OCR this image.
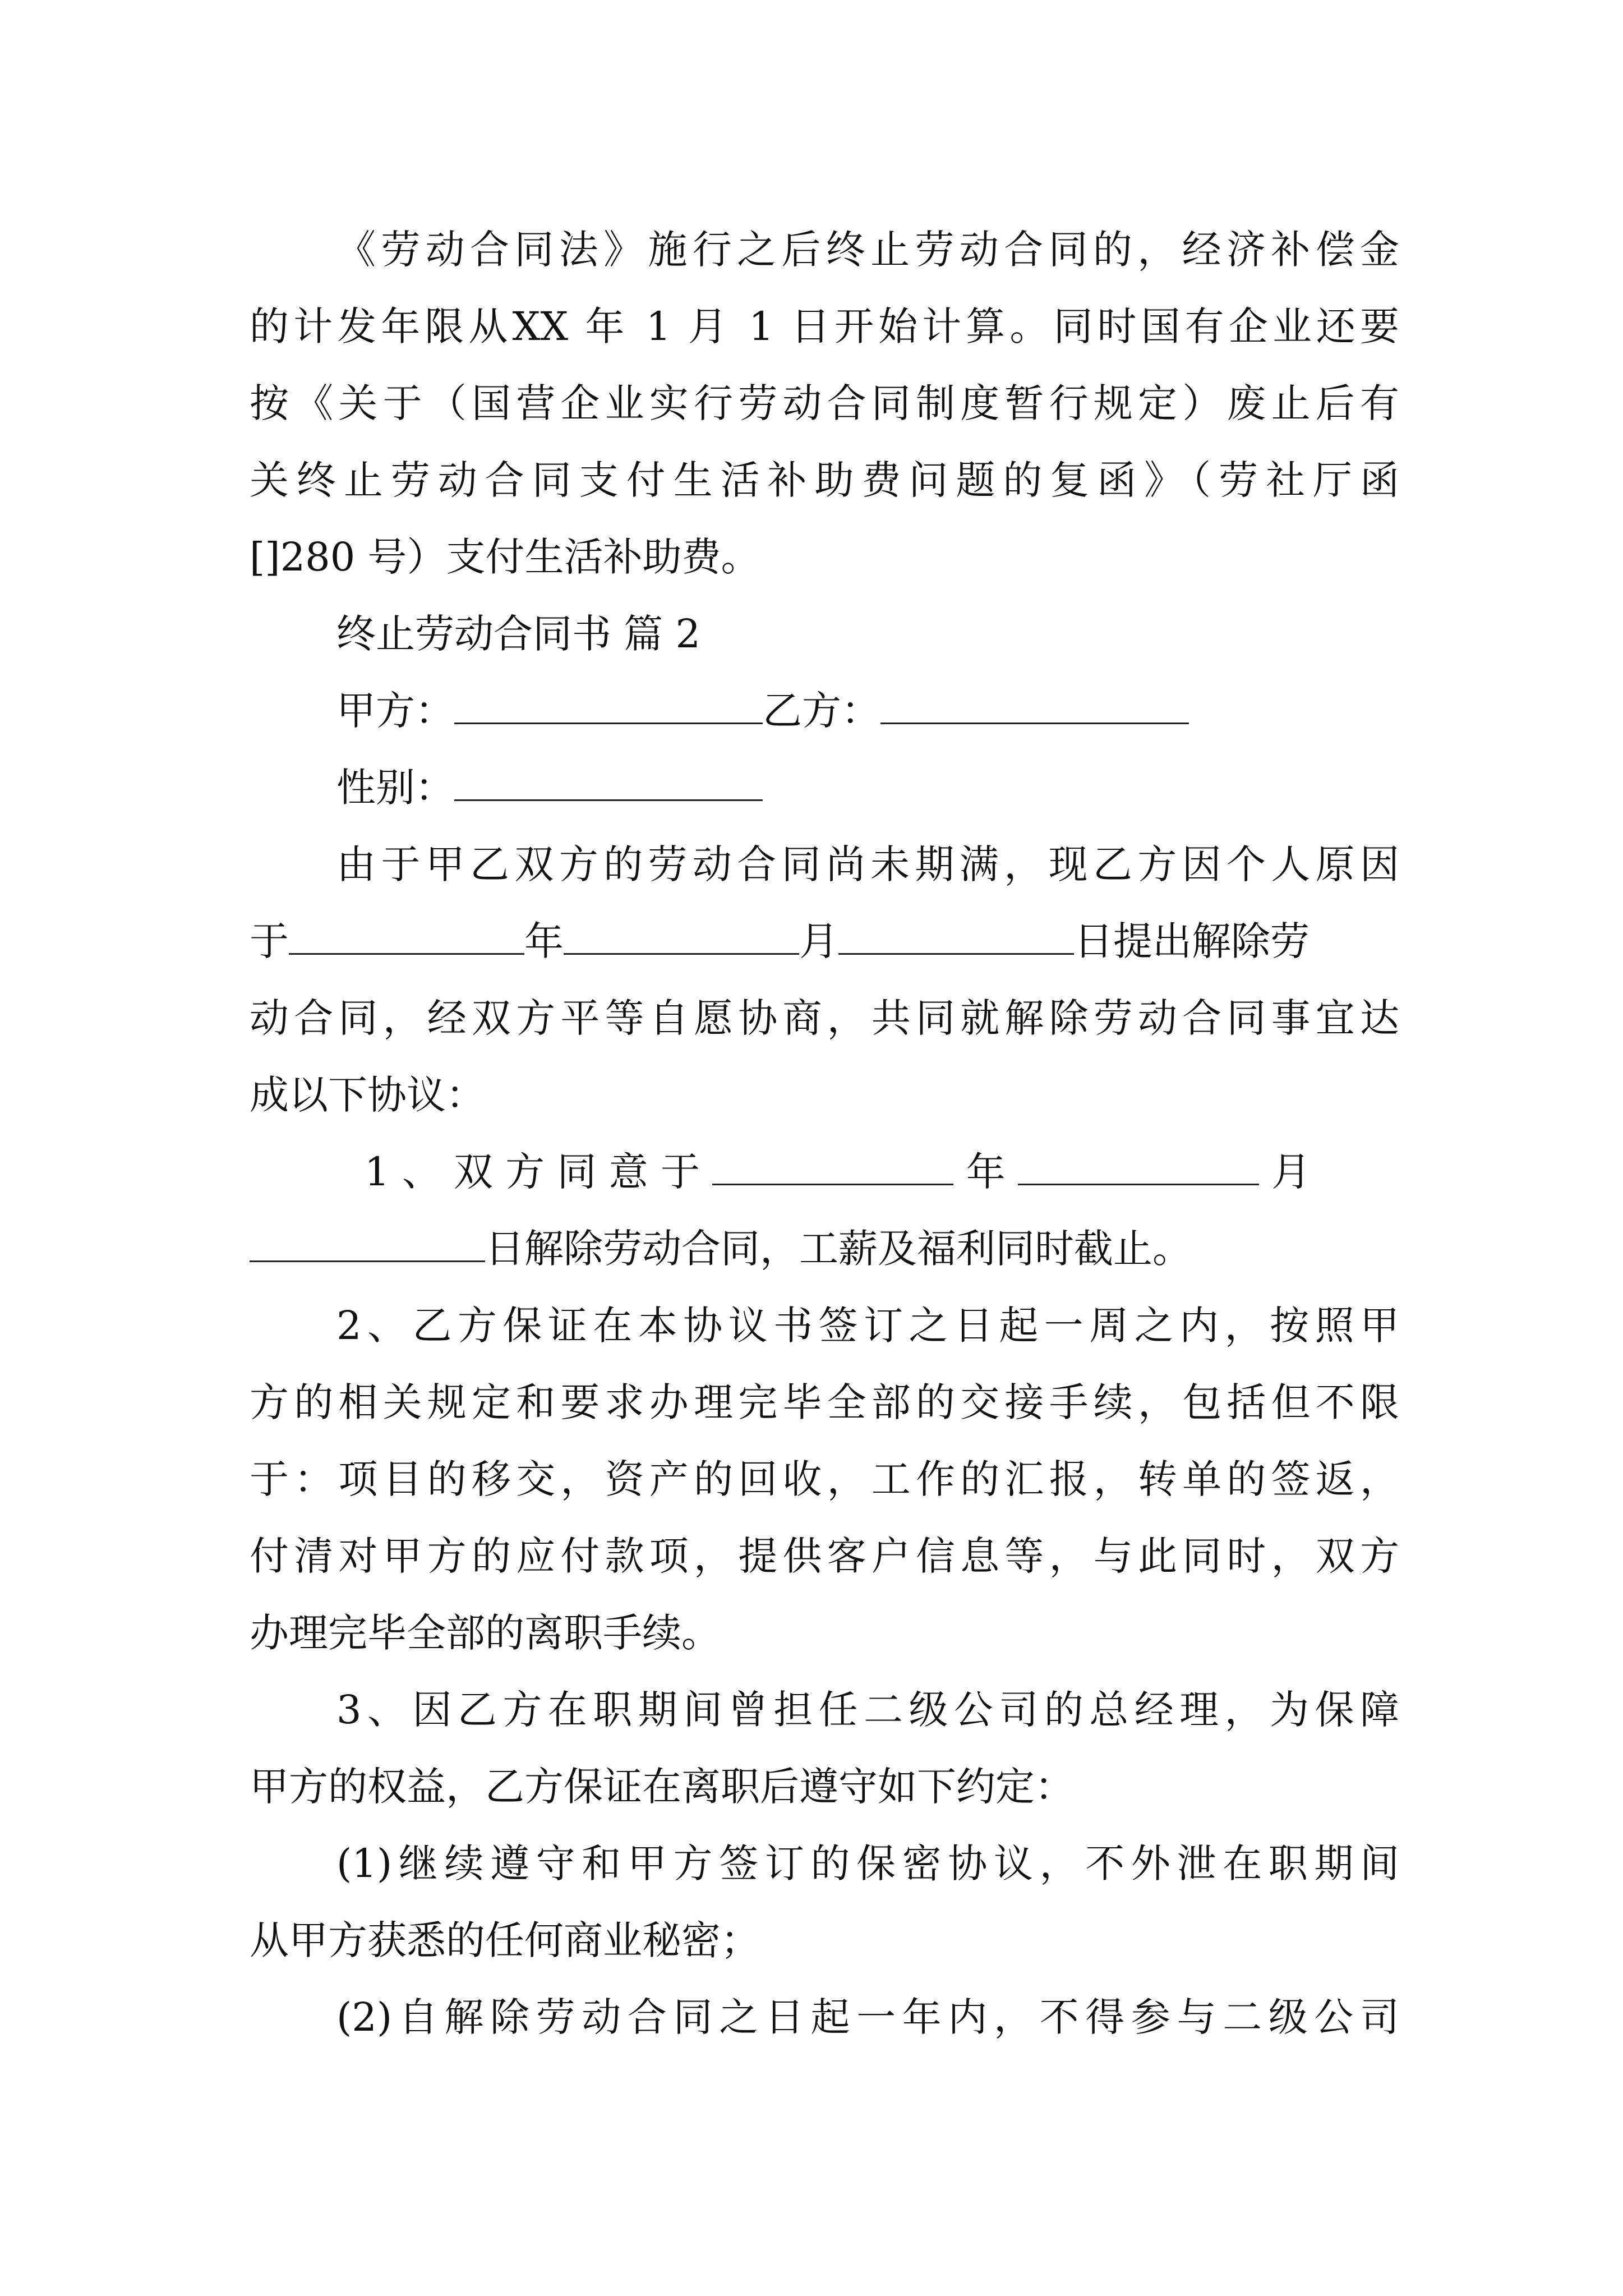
《劳动合同法》施行之后终止劳动合同的，经济补偿金
的计发年限从XX 年 1 月 1 日开始计算。同时国有企业还要
按《关于（国营企业实行劳动合同制度暂行规定）废止后有
关终止劳动合同支付生活补助费问题的复函》（劳社厅函
[]280 号）支付生活补助费。
终止劳动合同书 篇 2
甲方：	乙方：
性别：
由于甲乙双方的劳动合同尚未期满，现乙方因个人原因
于	年	月	日提出解除劳
动合同，经双方平等自愿协商，共同就解除劳动合同事宜达
成以下协议：
1 、 双 方 同 意 于	年	月
日解除劳动合同，工薪及福利同时截止。
2、乙方保证在本协议书签订之日起一周之内，按照甲
方的相关规定和要求办理完毕全部的交接手续，包括但不限
于：项目的移交，资产的回收，工作的汇报，转单的签返，
付清对甲方的应付款项，提供客户信息等，与此同时，双方
办理完毕全部的离职手续。
3、因乙方在职期间曾担任二级公司的总经理，为保障
甲方的权益，乙方保证在离职后遵守如下约定：
(1)继续遵守和甲方签订的保密协议，不外泄在职期间
从甲方获悉的任何商业秘密；
(2)自解除劳动合同之日起一年内，不得参与二级公司
